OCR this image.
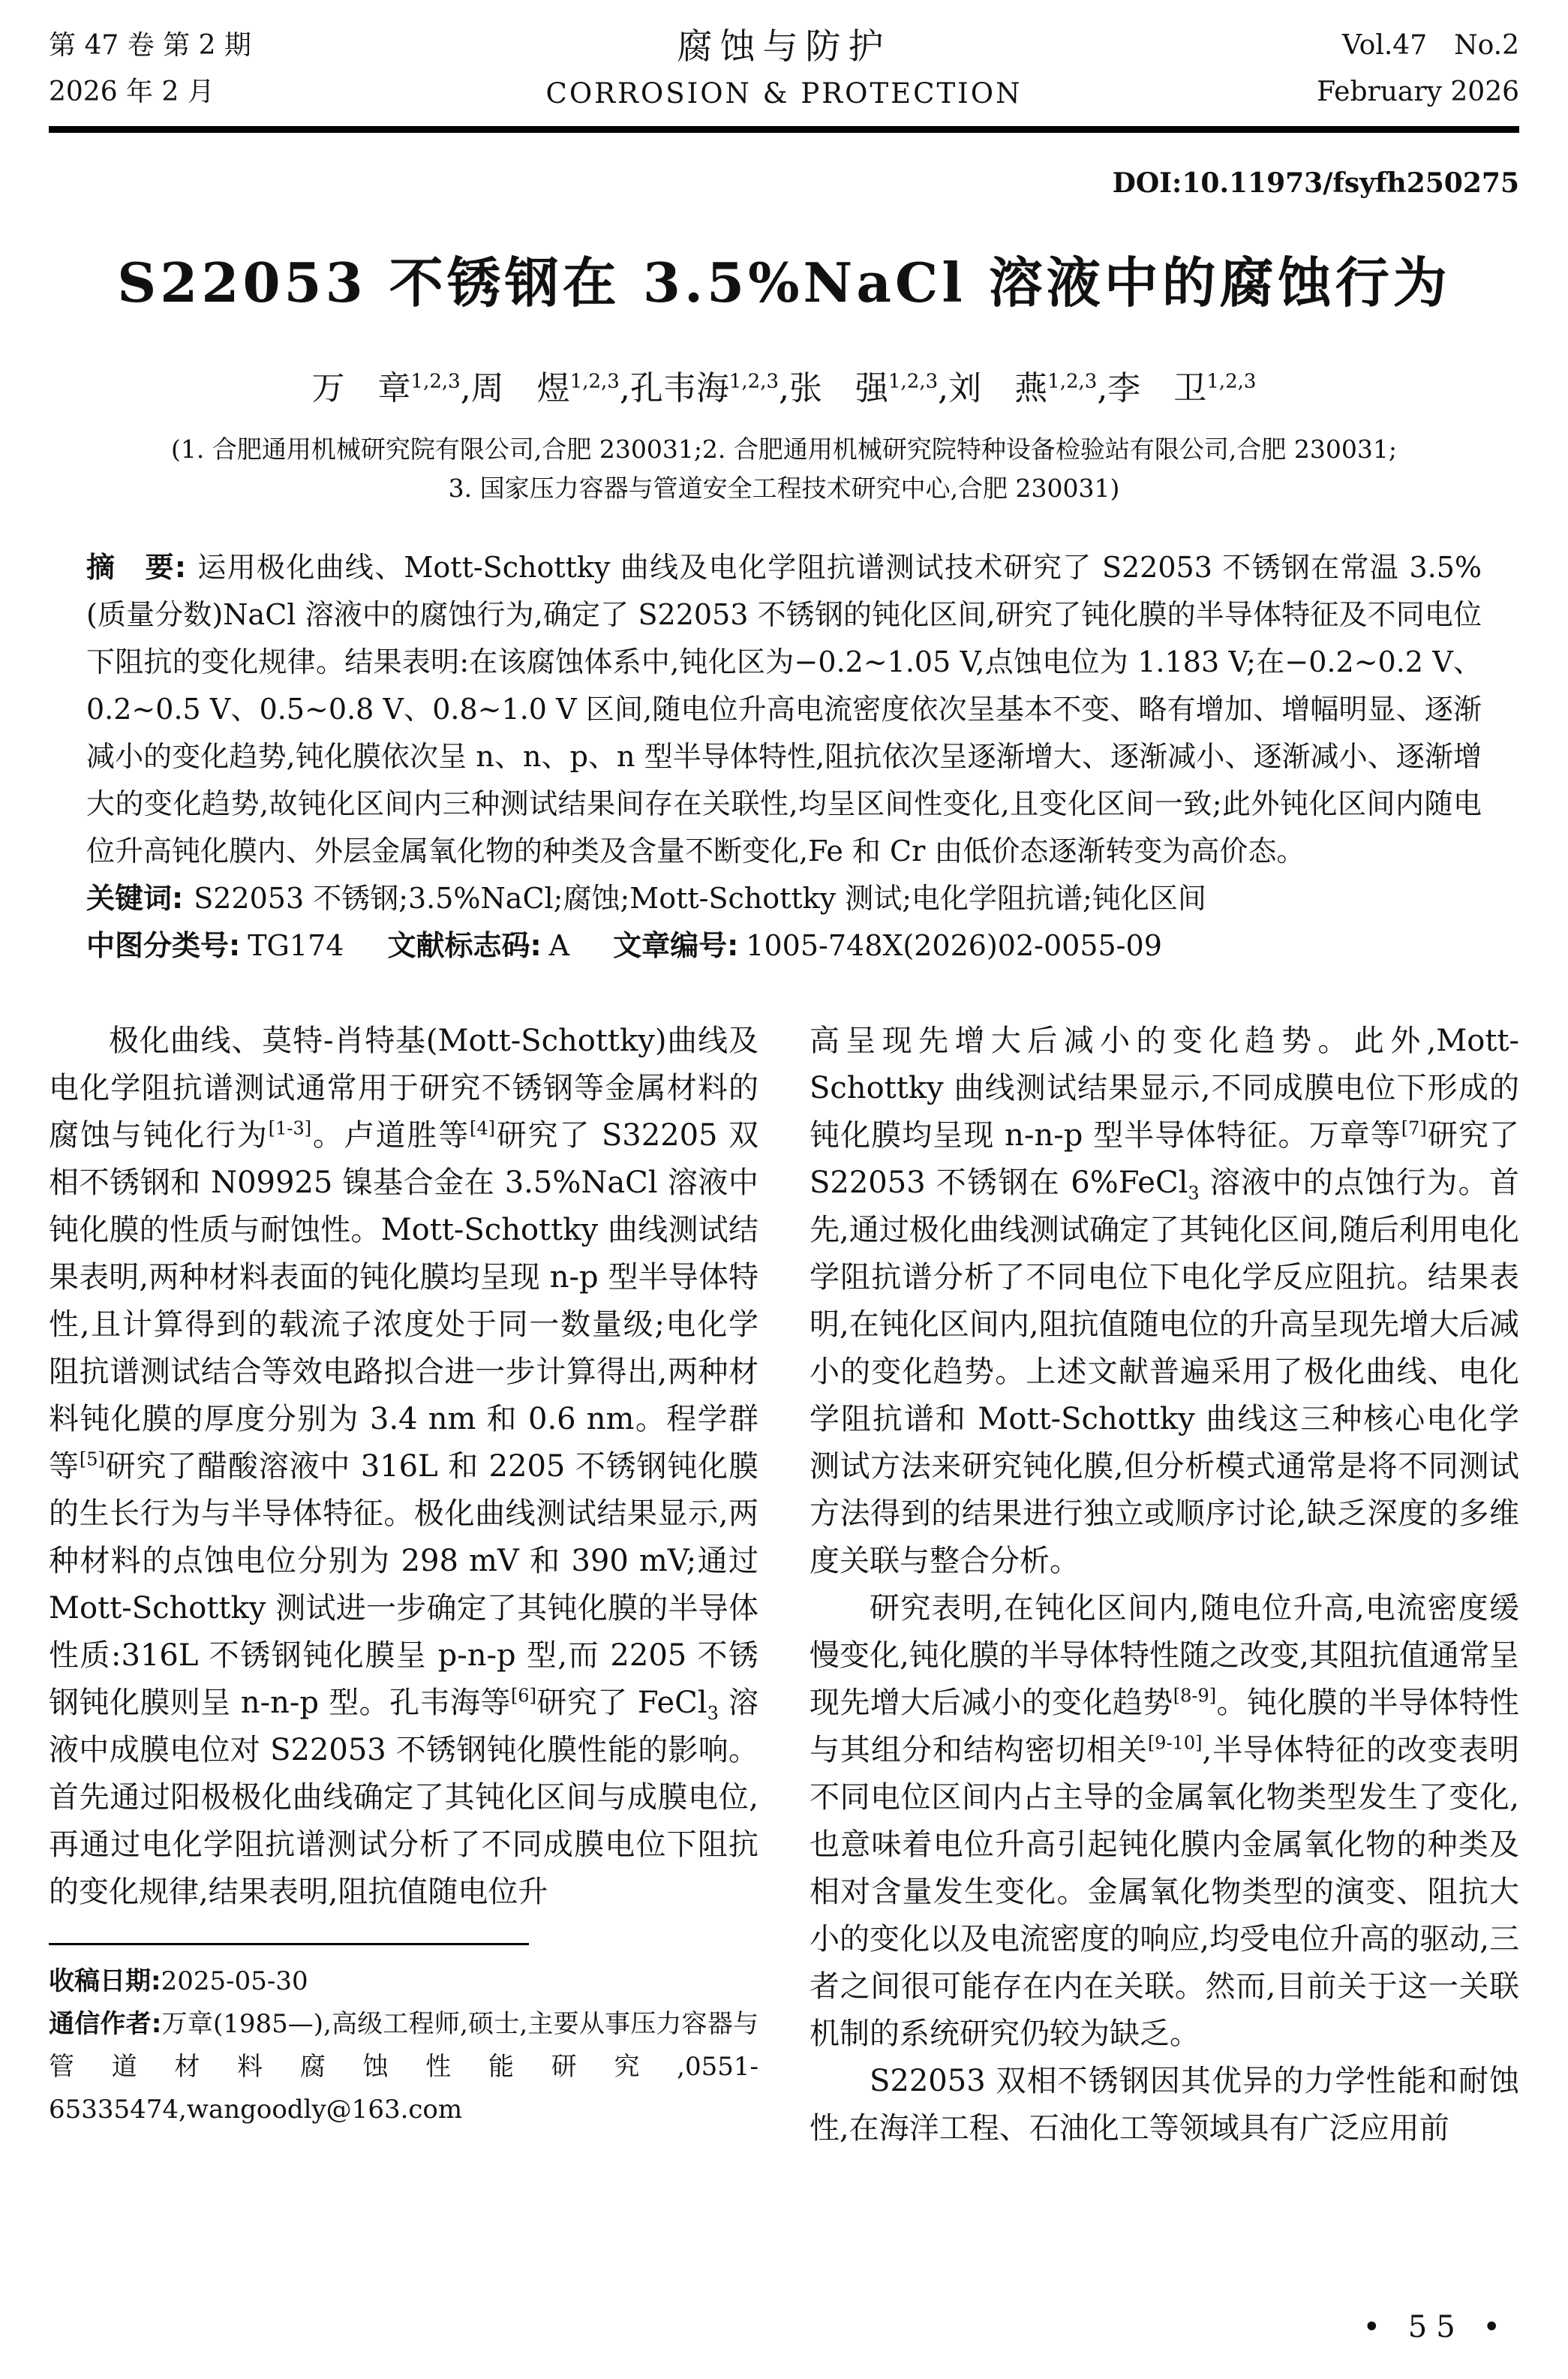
第 47 卷 第 2 期
2026 年 2 月
腐蚀与防护
CORROSION & PROTECTION
Vol.47　No.2
February 2026
DOI:10.11973/fsyfh250275
S22053 不锈钢在 3.5%NaCl 溶液中的腐蚀行为

万　章$^{1,2,3}$,周　煜$^{1,2,3}$,孔韦海$^{1,2,3}$,张　强$^{1,2,3}$,刘　燕$^{1,2,3}$,李　卫$^{1,2,3}$

(1. 合肥通用机械研究院有限公司,合肥 230031;2. 合肥通用机械研究院特种设备检验站有限公司,合肥 230031;

3. 国家压力容器与管道安全工程技术研究中心,合肥 230031)

摘　要: 运用极化曲线、Mott-Schottky 曲线及电化学阻抗谱测试技术研究了 S22053 不锈钢在常温 3.5%(质量分数)NaCl 溶液中的腐蚀行为,确定了 S22053 不锈钢的钝化区间,研究了钝化膜的半导体特征及不同电位下阻抗的变化规律。结果表明:在该腐蚀体系中,钝化区为−0.2~1.05 V,点蚀电位为 1.183 V;在−0.2~0.2 V、0.2~0.5 V、0.5~0.8 V、0.8~1.0 V 区间,随电位升高电流密度依次呈基本不变、略有增加、增幅明显、逐渐减小的变化趋势,钝化膜依次呈 n、n、p、n 型半导体特性,阻抗依次呈逐渐增大、逐渐减小、逐渐减小、逐渐增大的变化趋势,故钝化区间内三种测试结果间存在关联性,均呈区间性变化,且变化区间一致;此外钝化区间内随电位升高钝化膜内、外层金属氧化物的种类及含量不断变化,Fe 和 Cr 由低价态逐渐转变为高价态。

关键词: S22053 不锈钢;3.5%NaCl;腐蚀;Mott-Schottky 测试;电化学阻抗谱;钝化区间

中图分类号: TG174 文献标志码: A 文章编号: 1005-748X(2026)02-0055-09

极化曲线、莫特-肖特基(Mott-Schottky)曲线及电化学阻抗谱测试通常用于研究不锈钢等金属材料的腐蚀与钝化行为[1-3]。卢道胜等[4]研究了 S32205 双相不锈钢和 N09925 镍基合金在 3.5%NaCl 溶液中钝化膜的性质与耐蚀性。Mott-Schottky 曲线测试结果表明,两种材料表面的钝化膜均呈现 n-p 型半导体特性,且计算得到的载流子浓度处于同一数量级;电化学阻抗谱测试结合等效电路拟合进一步计算得出,两种材料钝化膜的厚度分别为 3.4 nm 和 0.6 nm。程学群等[5]研究了醋酸溶液中 316L 和 2205 不锈钢钝化膜的生长行为与半导体特征。极化曲线测试结果显示,两种材料的点蚀电位分别为 298 mV 和 390 mV;通过 Mott-Schottky 测试进一步确定了其钝化膜的半导体性质:316L 不锈钢钝化膜呈 p-n-p 型,而 2205 不锈钢钝化膜则呈 n-n-p 型。孔韦海等[6]研究了 FeCl$_3$ 溶液中成膜电位对 S22053 不锈钢钝化膜性能的影响。首先通过阳极极化曲线确定了其钝化区间与成膜电位,再通过电化学阻抗谱测试分析了不同成膜电位下阻抗的变化规律,结果表明,阻抗值随电位升

收稿日期:2025-05-30

通信作者:万章(1985—),高级工程师,硕士,主要从事压力容器与管道材料腐蚀性能研究,0551-65335474,wangoodly@163.com

高呈现先增大后减小的变化趋势。此外,Mott-Schottky 曲线测试结果显示,不同成膜电位下形成的钝化膜均呈现 n-n-p 型半导体特征。万章等[7]研究了 S22053 不锈钢在 6%FeCl$_3$ 溶液中的点蚀行为。首先,通过极化曲线测试确定了其钝化区间,随后利用电化学阻抗谱分析了不同电位下电化学反应阻抗。结果表明,在钝化区间内,阻抗值随电位的升高呈现先增大后减小的变化趋势。上述文献普遍采用了极化曲线、电化学阻抗谱和 Mott-Schottky 曲线这三种核心电化学测试方法来研究钝化膜,但分析模式通常是将不同测试方法得到的结果进行独立或顺序讨论,缺乏深度的多维度关联与整合分析。

研究表明,在钝化区间内,随电位升高,电流密度缓慢变化,钝化膜的半导体特性随之改变,其阻抗值通常呈现先增大后减小的变化趋势[8-9]。钝化膜的半导体特性与其组分和结构密切相关[9-10],半导体特征的改变表明不同电位区间内占主导的金属氧化物类型发生了变化,也意味着电位升高引起钝化膜内金属氧化物的种类及相对含量发生变化。金属氧化物类型的演变、阻抗大小的变化以及电流密度的响应,均受电位升高的驱动,三者之间很可能存在内在关联。然而,目前关于这一关联机制的系统研究仍较为缺乏。

S22053 双相不锈钢因其优异的力学性能和耐蚀性,在海洋工程、石油化工等领域具有广泛应用前

• 55 •
